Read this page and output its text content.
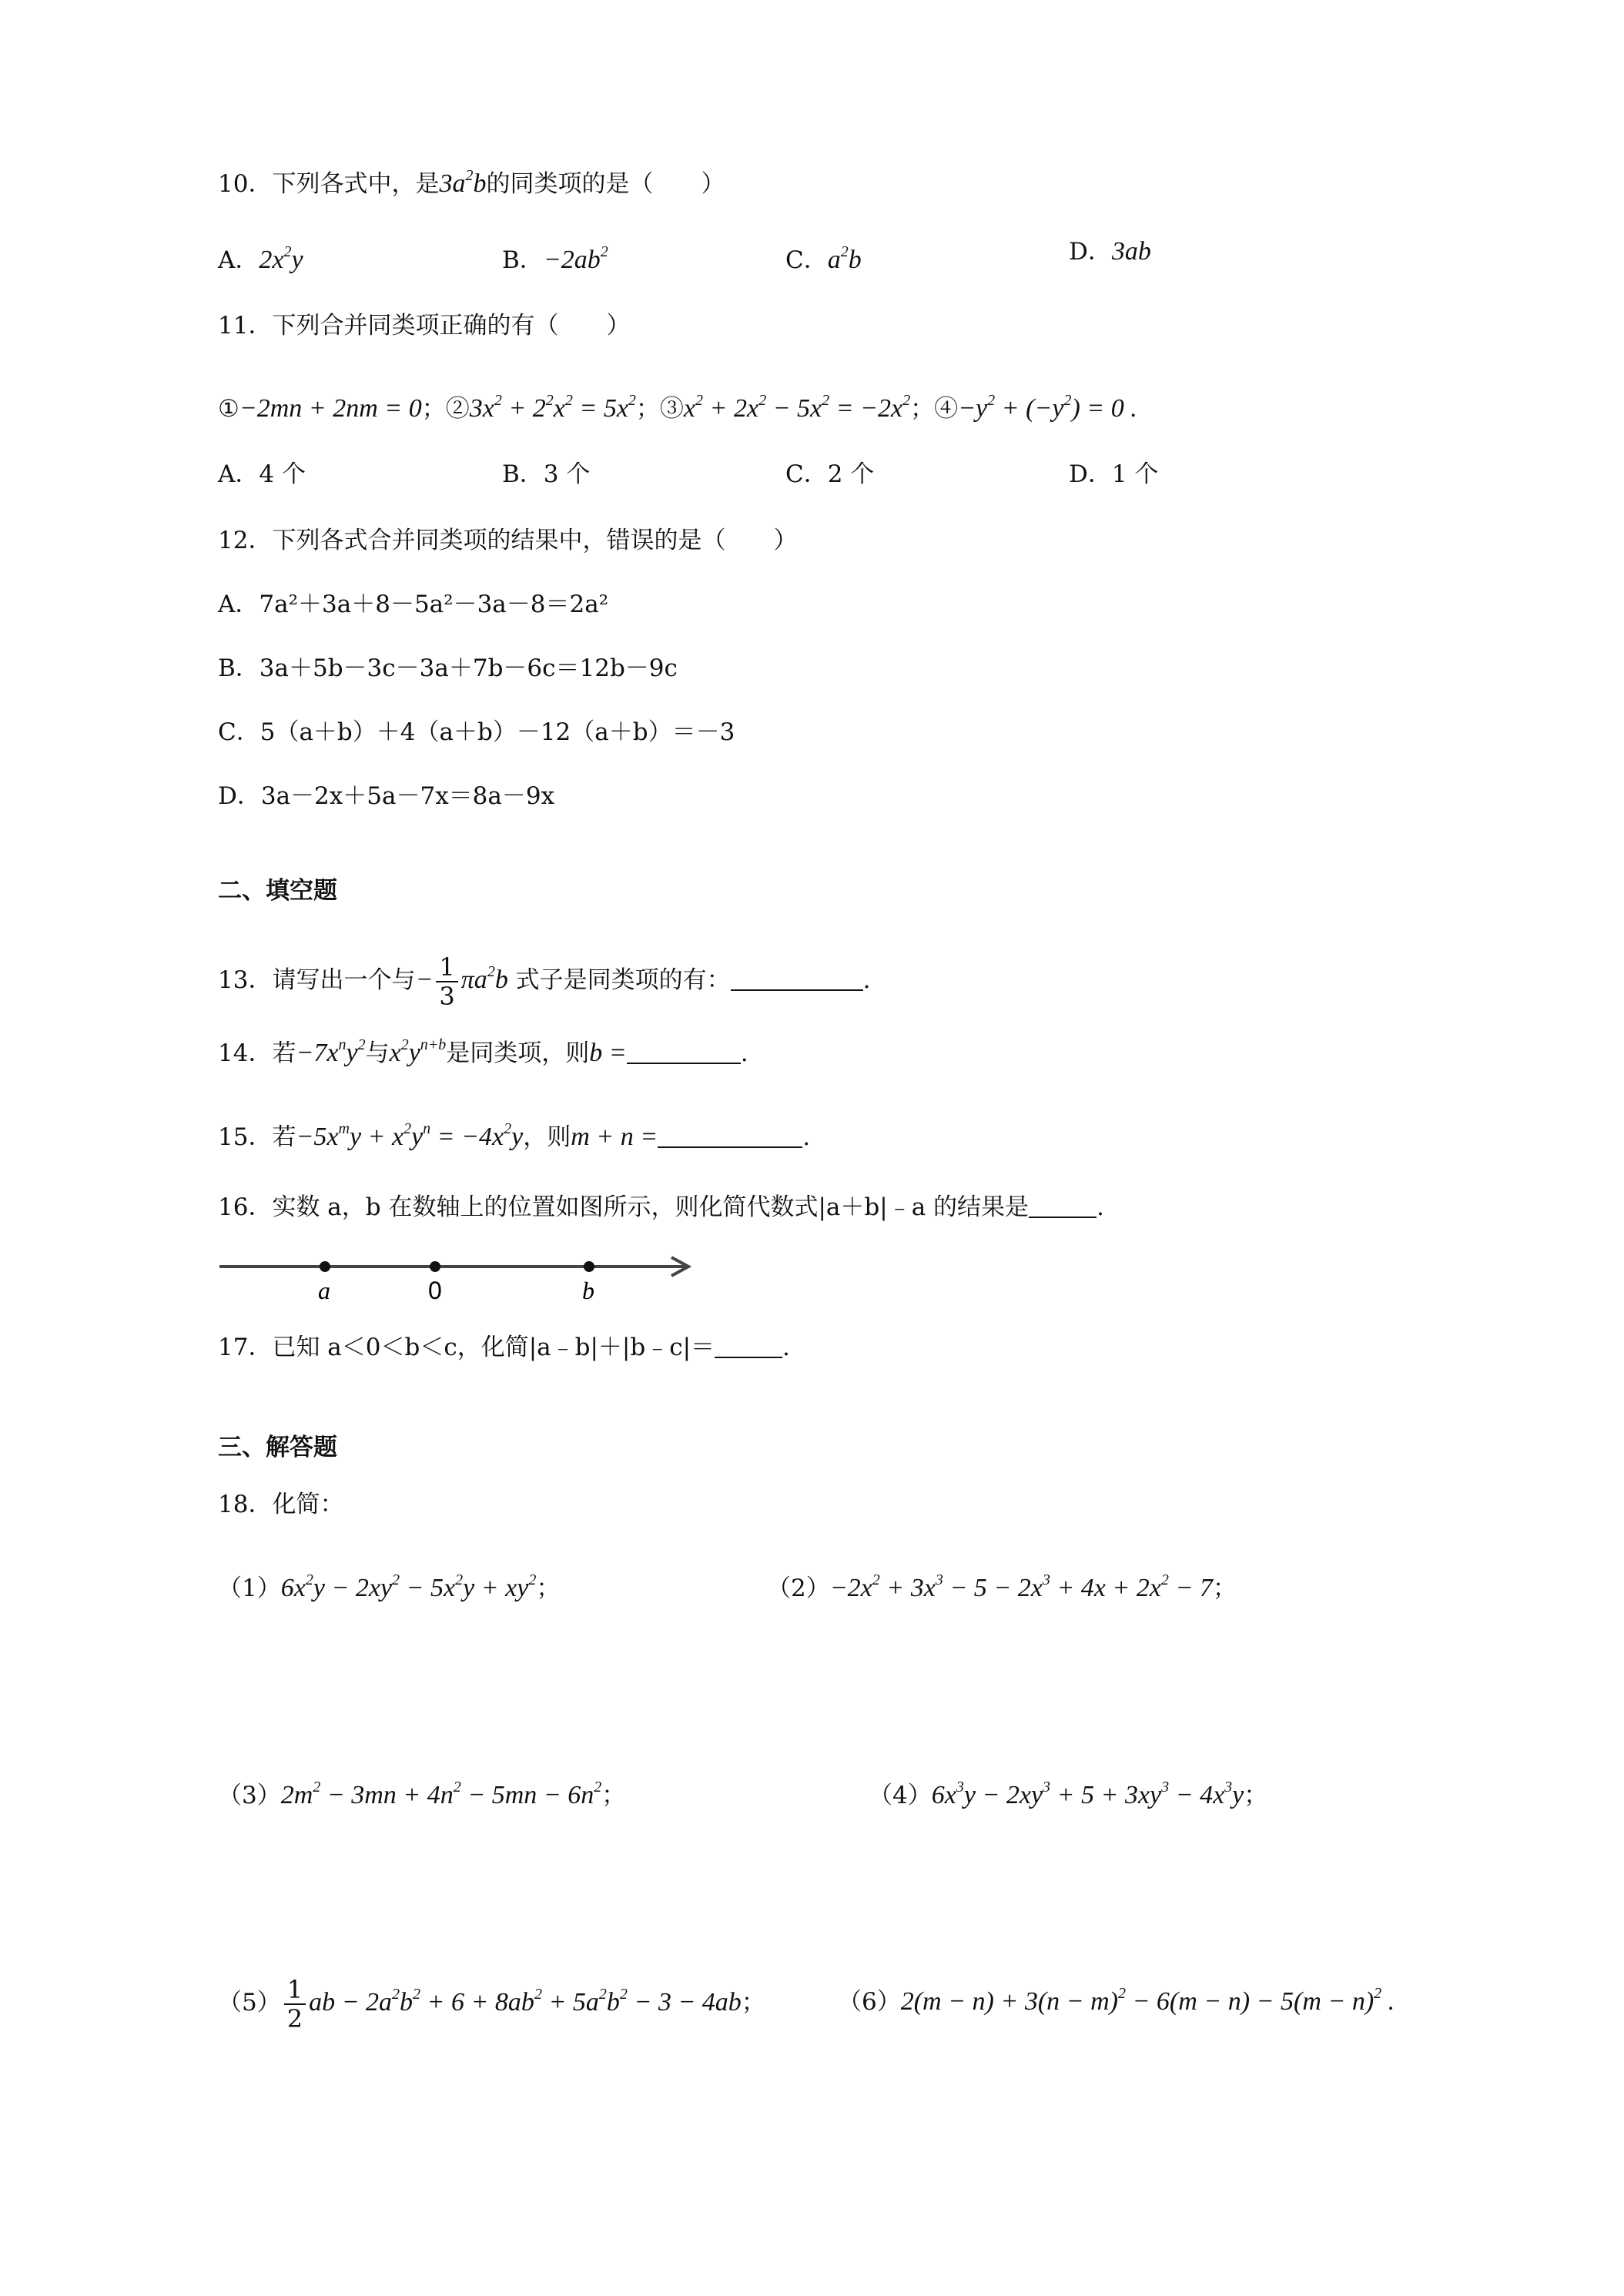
10．下列各式中，是$3a^2b$的同类项的是（　　）
A．$2x^2y$	B．$-2ab^2$	C．$a^2b$	D．3ab
11．下列合并同类项正确的有（　　）
①−2mn + 2nm = 0；$②3x^2 + 2^2x^2 = 5x^2$；$③x^2 + 2x^2 - 5x^2 = -2x^2$；$④-y^2 + (-y^2) = 0$ .
A．4 个	B．3 个	C．2 个	D．1 个
12．下列各式合并同类项的结果中，错误的是（　　）
A．7a²＋3a＋8－5a²－3a－8＝2a²
B．3a＋5b－3c－3a＋7b－6c＝12b－9c
C．5（a＋b）＋4（a＋b）－12（a＋b）＝－3
D．3a－2x＋5a－7x＝8a－9x
二、填空题
13．请写出一个与− $\frac{1}{3} \pi a^2b$ 式子是同类项的有：	.
14．若$-7x^ny^2$与$x^2y^{n+b}$是同类项，则b =	.
15．若$-5x^my + x^2y^n = -4x^2y$，则m + n =	.
16．实数 a，b 在数轴上的位置如图所示，则化简代数式|a＋b|﹣a 的结果是	.
a	0	b
17．已知 a＜0＜b＜c，化简|a﹣b|＋|b﹣c|＝	.
三、解答题
18．化简：
$(1)6x^2y - 2xy^2 - 5x^2y + xy^2$；	$(2)-2x^2 + 3x^3 - 5 - 2x^3 + 4x + 2x^2 - 7$；
$(3)2m^2 - 3mn + 4n^2 - 5mn - 6n^2$；	$(4)6x^3y - 2xy^3 + 5 + 3xy^3 - 4x^3y$；
$(5) \frac{1}{2}$ ab − $2a^2b^2 + 6 + 8ab^2 + 5a^2b^2 - 3 - 4ab$；	$(6)2(m - n) + 3(n - m)^2 - 6(m - n) - 5(m - n)^2$ .
